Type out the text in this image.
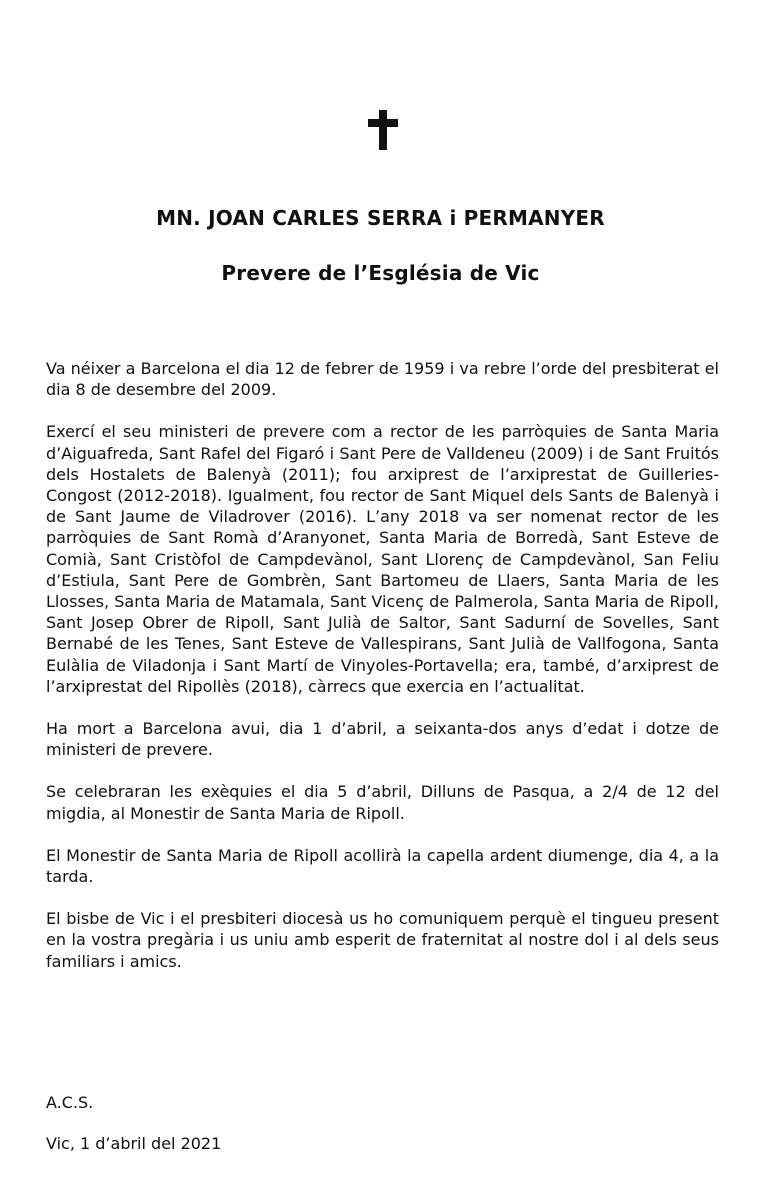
MN. JOAN CARLES SERRA i PERMANYER
Prevere de l’Església de Vic

Va néixer a Barcelona el dia 12 de febrer de 1959 i va rebre l’orde del presbiterat el dia 8 de desembre del 2009.

Exercí el seu ministeri de prevere com a rector de les parròquies de Santa Maria d’Aiguafreda, Sant Rafel del Figaró i Sant Pere de Valldeneu (2009) i de Sant Fruitós dels Hostalets de Balenyà (2011); fou arxiprest de l’arxiprestat de Guilleries-Congost (2012-2018). Igualment, fou rector de Sant Miquel dels Sants de Balenyà i de Sant Jaume de Viladrover (2016). L’any 2018 va ser nomenat rector de les parròquies de Sant Romà d’Aranyonet, Santa Maria de Borredà, Sant Esteve de Comià, Sant Cristòfol de Campdevànol, Sant Llorenç de Campdevànol, San Feliu d’Estiula, Sant Pere de Gombrèn, Sant Bartomeu de Llaers, Santa Maria de les Llosses, Santa Maria de Matamala, Sant Vicenç de Palmerola, Santa Maria de Ripoll, Sant Josep Obrer de Ripoll, Sant Julià de Saltor, Sant Sadurní de Sovelles, Sant Bernabé de les Tenes, Sant Esteve de Vallespirans, Sant Julià de Vallfogona, Santa Eulàlia de Viladonja i Sant Martí de Vinyoles-Portavella; era, també, d’arxiprest de l’arxiprestat del Ripollès (2018), càrrecs que exercia en l’actualitat.

Ha mort a Barcelona avui, dia 1 d’abril, a seixanta-dos anys d’edat i dotze de ministeri de prevere.

Se celebraran les exèquies el dia 5 d’abril, Dilluns de Pasqua, a 2/4 de 12 del migdia, al Monestir de Santa Maria de Ripoll.

El Monestir de Santa Maria de Ripoll acollirà la capella ardent diumenge, dia 4, a la tarda.

El bisbe de Vic i el presbiteri diocesà us ho comuniquem perquè el tingueu present en la vostra pregària i us uniu amb esperit de fraternitat al nostre dol i al dels seus familiars i amics.

A.C.S.
Vic, 1 d’abril del 2021
